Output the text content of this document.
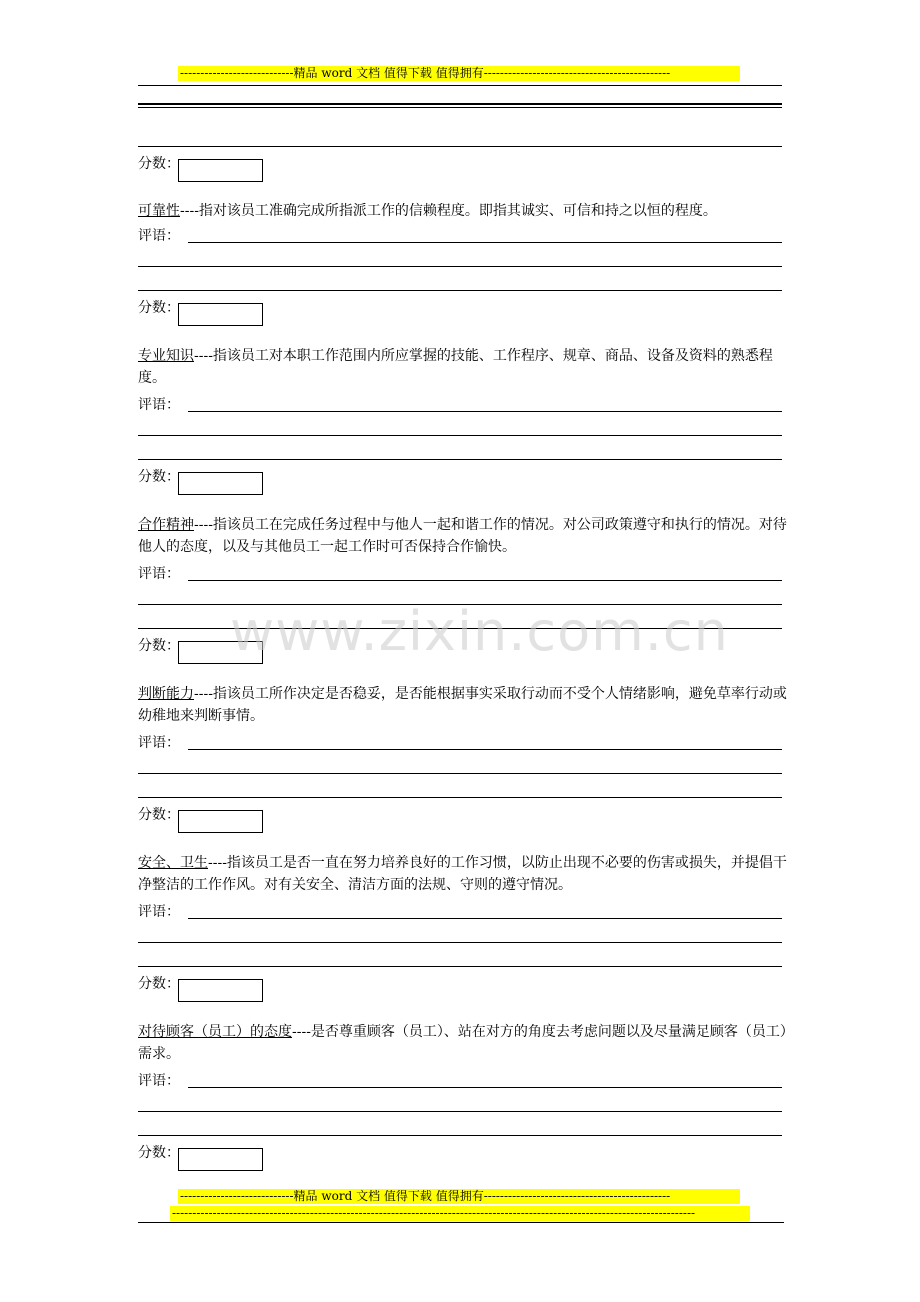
----------------------------精品 word 文档 值得下载 值得拥有----------------------------------------------
分数：
可靠性----指对该员工准确完成所指派工作的信赖程度。即指其诚实、可信和持之以恒的程度。
评语：
分数：
专业知识----指该员工对本职工作范围内所应掌握的技能、工作程序、规章、商品、设备及资料的熟悉程度。
评语：
分数：
合作精神----指该员工在完成任务过程中与他人一起和谐工作的情况。对公司政策遵守和执行的情况。对待他人的态度，以及与其他员工一起工作时可否保持合作愉快。
评语：
分数：
判断能力----指该员工所作决定是否稳妥，是否能根据事实采取行动而不受个人情绪影响，避免草率行动或幼稚地来判断事情。
评语：
分数：
安全、卫生----指该员工是否一直在努力培养良好的工作习惯，以防止出现不必要的伤害或损失，并提倡干净整洁的工作作风。对有关安全、清洁方面的法规、守则的遵守情况。
评语：
分数：
对待顾客（员工）的态度----是否尊重顾客（员工）、站在对方的角度去考虑问题以及尽量满足顾客（员工）需求。
评语：
分数：
----------------------------精品 word 文档 值得下载 值得拥有----------------------------------------------
---------------------------------------------------------------------------------------------------------------------------------
www.zixin.com.cn
